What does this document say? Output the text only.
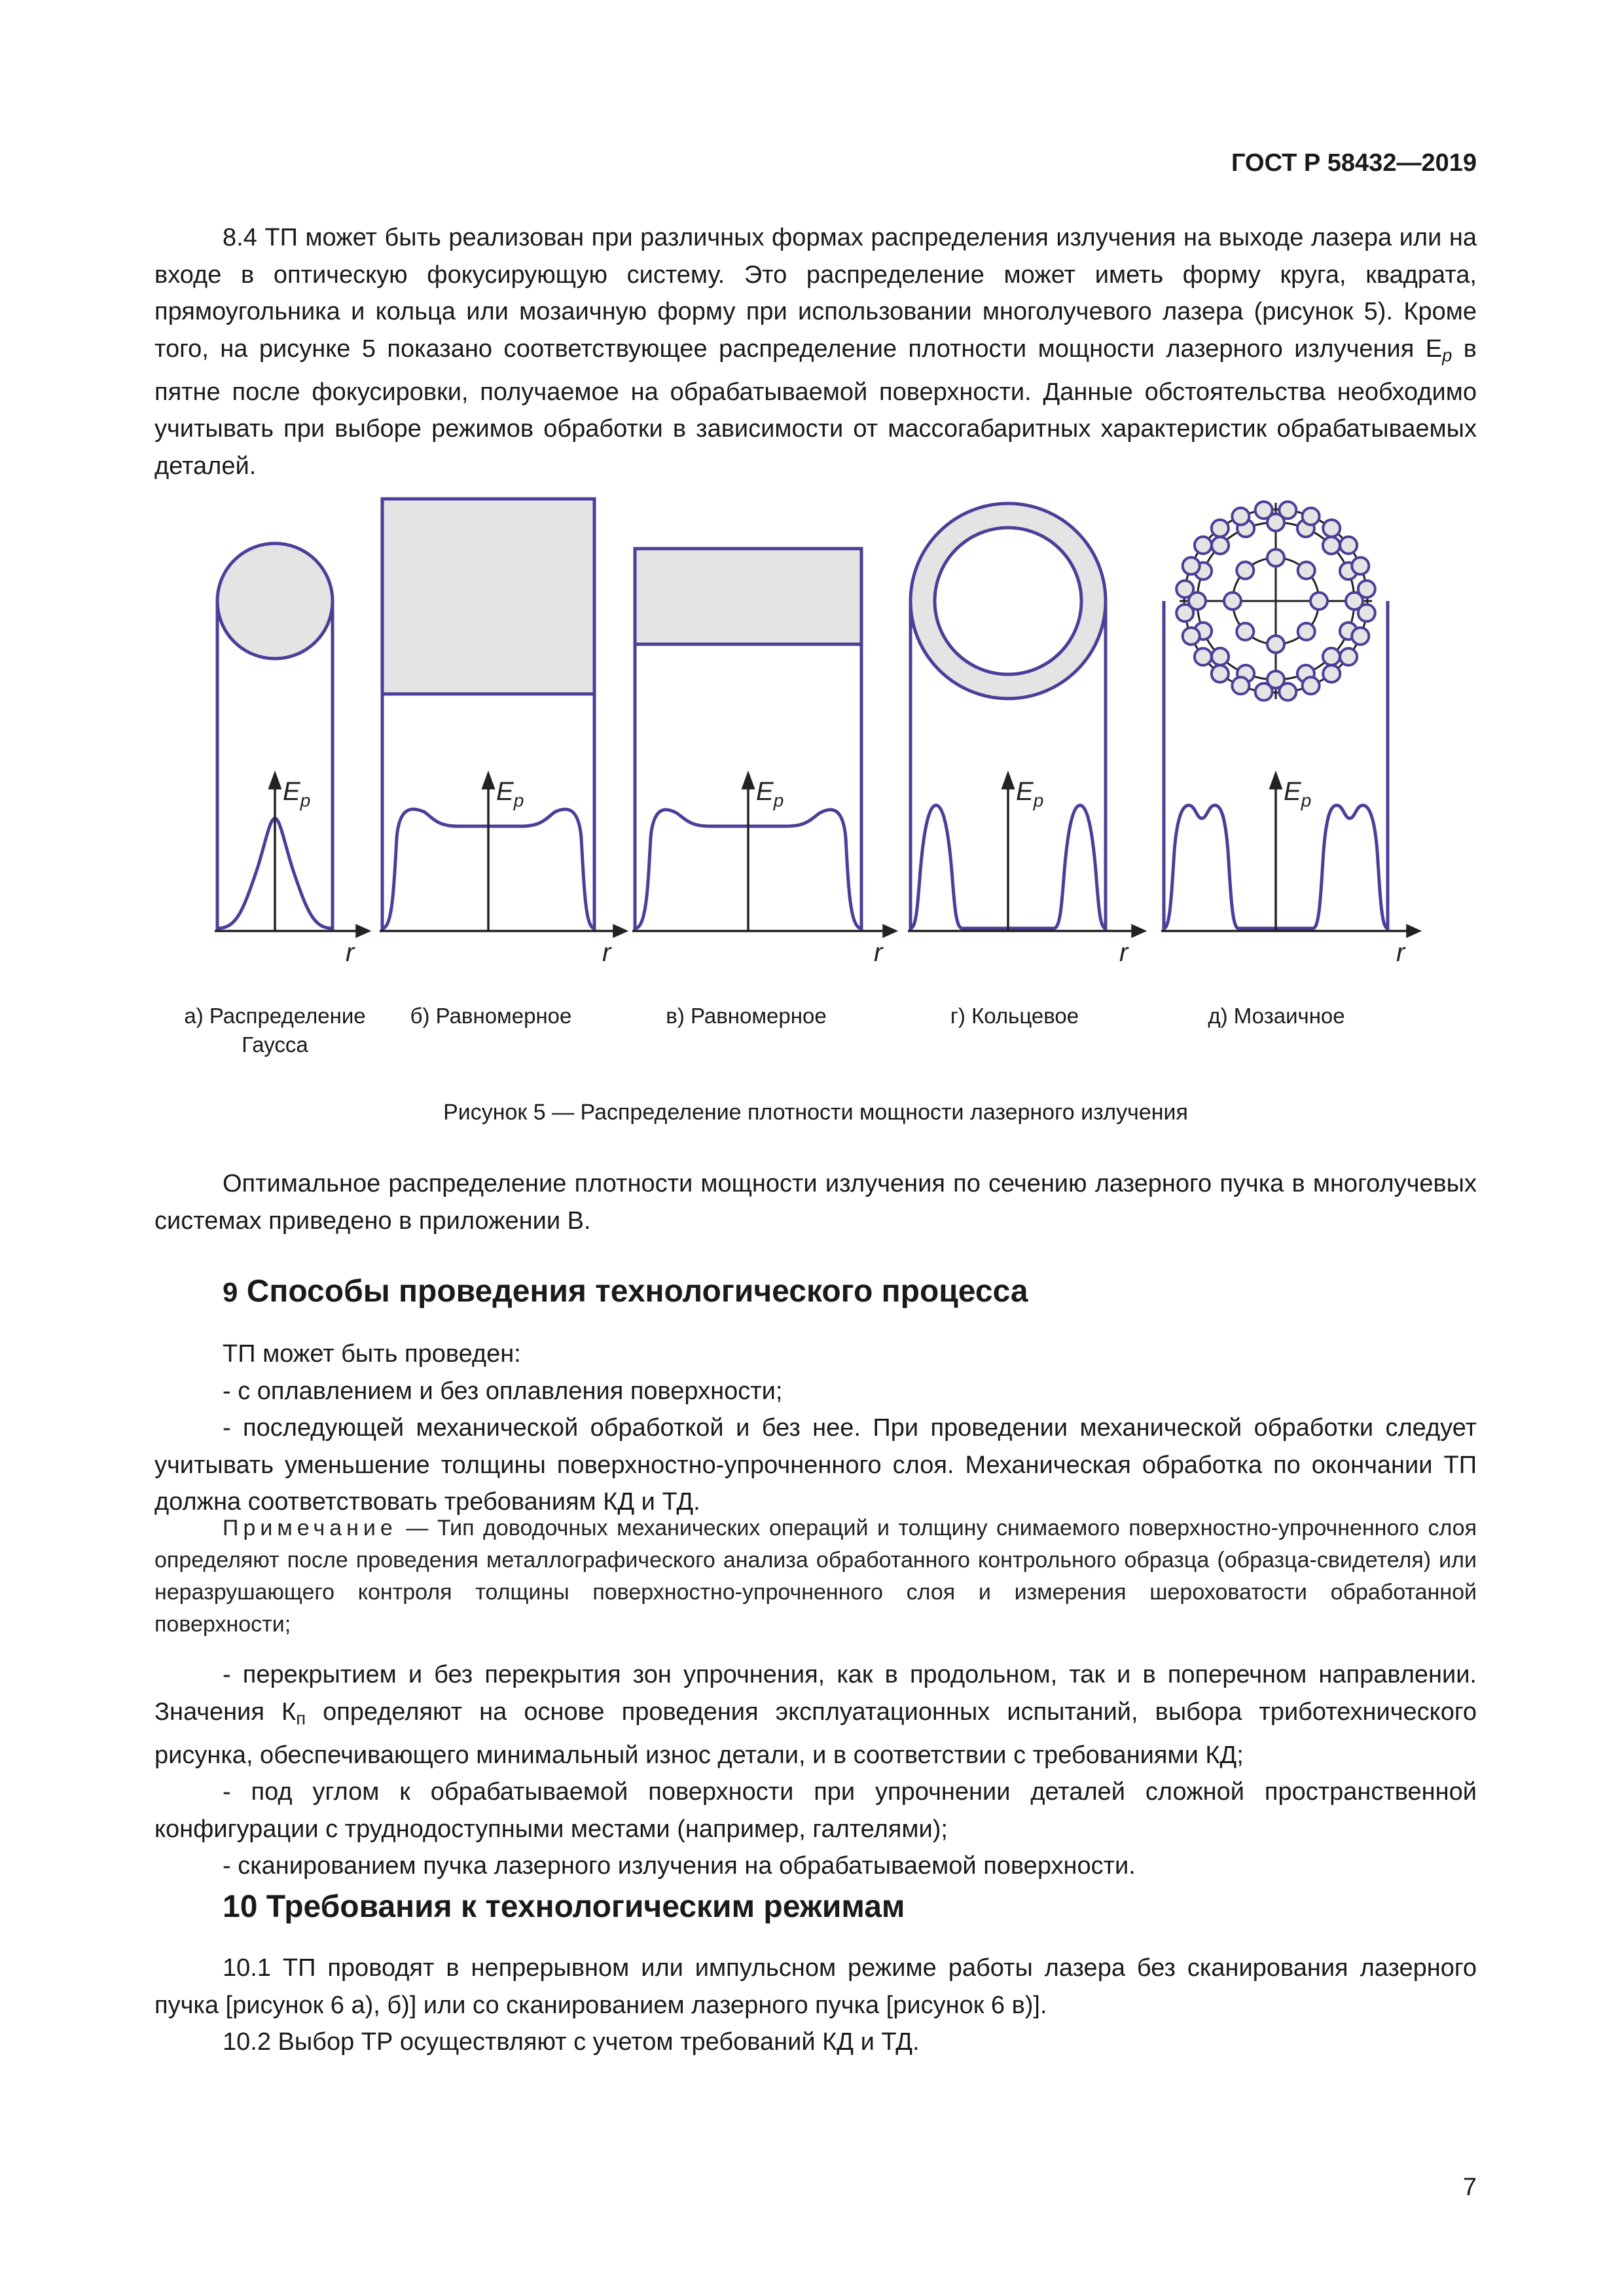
ГОСТ Р 58432—2019

8.4 ТП может быть реализован при различных формах распределения излучения на выходе лазера или на входе в оптическую фокусирующую систему. Это распределение может иметь форму круга, квадрата, прямоугольника и кольца или мозаичную форму при использовании многолучевого лазера (рисунок 5). Кроме того, на рисунке 5 показано соответствующее распределение плотности мощности лазерного излучения $E_p$ в пятне после фокусировки, получаемое на обрабатываемой поверхности. Данные обстоятельства необходимо учитывать при выборе режимов обработки в зависимости от массогабаритных характеристик обрабатываемых деталей.

$E_p$	$E_p$	$E_p$	$E_p$	$E_p$
r	r	r	r	r
а) Распределение
Гаусса
б) Равномерное	в) Равномерное	г) Кольцевое	д) Мозаичное
Рисунок 5 — Распределение плотности мощности лазерного излучения

Оптимальное распределение плотности мощности излучения по сечению лазерного пучка в многолучевых системах приведено в приложении В.

9 Способы проведения технологического процесса

ТП может быть проведен:

- с оплавлением и без оплавления поверхности;

- последующей механической обработкой и без нее. При проведении механической обработки следует учитывать уменьшение толщины поверхностно-упрочненного слоя. Механическая обработка по окончании ТП должна соответствовать требованиям КД и ТД.

Примечание — Тип доводочных механических операций и толщину снимаемого поверхностно-упрочненного слоя определяют после проведения металлографического анализа обработанного контрольного образца (образца-свидетеля) или неразрушающего контроля толщины поверхностно-упрочненного слоя и измерения шероховатости обработанной поверхности;

- перекрытием и без перекрытия зон упрочнения, как в продольном, так и в поперечном направлении. Значения $К_п$ определяют на основе проведения эксплуатационных испытаний, выбора триботехнического рисунка, обеспечивающего минимальный износ детали, и в соответствии с требованиями КД;

- под углом к обрабатываемой поверхности при упрочнении деталей сложной пространственной конфигурации с труднодоступными местами (например, галтелями);

- сканированием пучка лазерного излучения на обрабатываемой поверхности.

10 Требования к технологическим режимам

10.1 ТП проводят в непрерывном или импульсном режиме работы лазера без сканирования лазерного пучка [рисунок 6 а), б)] или со сканированием лазерного пучка [рисунок 6 в)].

10.2 Выбор ТР осуществляют с учетом требований КД и ТД.

7
